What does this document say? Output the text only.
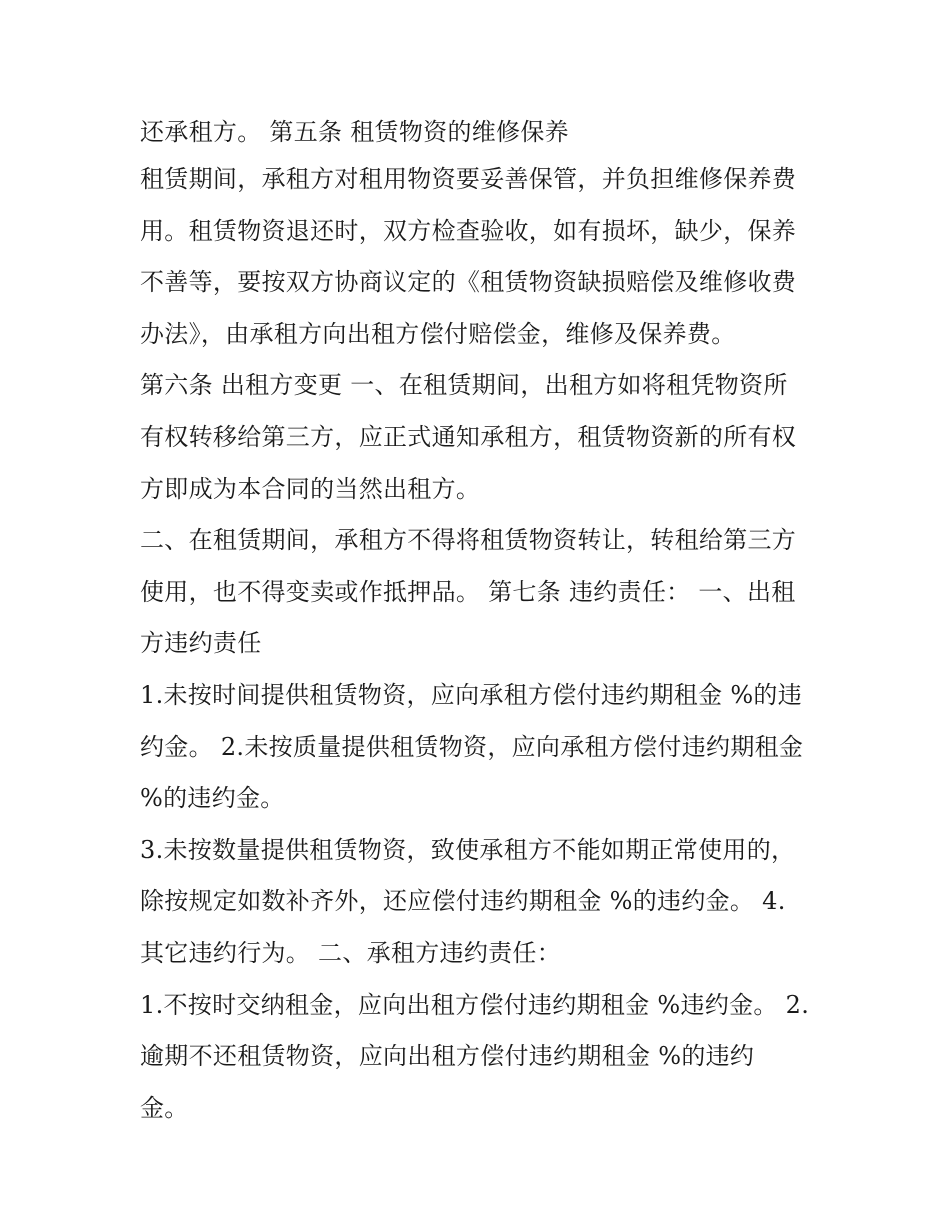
还承租方。 第五条 租赁物资的维修保养
租赁期间，承租方对租用物资要妥善保管，并负担维修保养费
用。租赁物资退还时，双方检查验收，如有损坏，缺少，保养
不善等，要按双方协商议定的《租赁物资缺损赔偿及维修收费
办法》，由承租方向出租方偿付赔偿金，维修及保养费。
第六条 出租方变更 一、在租赁期间，出租方如将租凭物资所
有权转移给第三方，应正式通知承租方，租赁物资新的所有权
方即成为本合同的当然出租方。
二、在租赁期间，承租方不得将租赁物资转让，转租给第三方
使用，也不得变卖或作抵押品。 第七条 违约责任： 一、出租
方违约责任
1.未按时间提供租赁物资，应向承租方偿付违约期租金 %的违
约金。 2.未按质量提供租赁物资，应向承租方偿付违约期租金
%的违约金。
3.未按数量提供租赁物资，致使承租方不能如期正常使用的，
除按规定如数补齐外，还应偿付违约期租金 %的违约金。 4.
其它违约行为。 二、承租方违约责任：
1.不按时交纳租金，应向出租方偿付违约期租金 %违约金。 2.
逾期不还租赁物资，应向出租方偿付违约期租金 %的违约
金。
